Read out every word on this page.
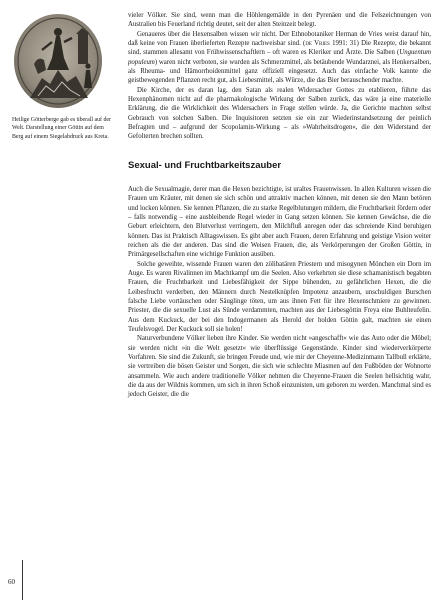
Heilige Götterberge gab es überall auf der Welt. Darstellung einer Göttin auf dem Berg auf einem Siegelabdruck aus Kreta.

60

vieler Völker. Sie sind, wenn man die Höhlengemälde in den Pyrenäen und die Felszeichnungen von Australien bis Feuerland richtig deutet, seit der alten Steinzeit belegt.

Genaueres über die Hexensalben wissen wir nicht. Der Ethnobotaniker Herman de Vries weist darauf hin, daß keine von Frauen überlieferten Rezepte nachweisbar sind. (de Vries 1991: 31) Die Rezepte, die bekannt sind, stammen allesamt von Frühwissenschaftlern – oft waren es Kleriker und Ärzte. Die Salben (Unguentum populeum) waren nicht verboten, sie wurden als Schmerzmittel, als betäubende Wundarznei, als Henkersalben, als Rheuma- und Hämorrhoidenmittel ganz offiziell eingesetzt. Auch das einfache Volk kannte die geistbewegenden Pflanzen recht gut, als Liebesmittel, als Würze, die das Bier berauschender machte.

Die Kirche, der es daran lag, den Satan als realen Widersacher Gottes zu etablieren, führte das Hexenphänomen nicht auf die pharmakologische Wirkung der Salben zurück, das wäre ja eine materielle Erklärung, die die Wirklichkeit des Widersachers in Frage stellen würde. Ja, die Gerichte machten selbst Gebrauch von solchen Salben. Die Inquisitoren setzten sie ein zur Wiederinstandsetzung der peinlich Befragten und – aufgrund der Scopolamin-Wirkung – als »Wahrheitsdrogen«, die den Widerstand der Gefolterten brechen sollten.

Sexual- und Fruchtbarkeitszauber

Auch die Sexualmagie, derer man die Hexen bezichtigte, ist uraltes Frauenwissen. In allen Kulturen wissen die Frauen um Kräuter, mit denen sie sich schön und attraktiv machen können, mit denen sie den Mann betören und locken können. Sie kennen Pflanzen, die zu starke Regelblutungen mildern, die Fruchtbarkeit fördern oder – falls notwendig – eine ausbleibende Regel wieder in Gang setzen können. Sie kennen Gewächse, die die Geburt erleichtern, den Blutverlust verringern, den Milchfluß anregen oder das schreiende Kind beruhigen können. Das ist Praktisch Alltagswissen. Es gibt aber auch Frauen, deren Erfahrung und geistige Vision weiter reichen als die der anderen. Das sind die Weisen Frauen, die, als Verkörperungen der Großen Göttin, in Primärgesellschaften eine wichtige Funktion ausüben.

Solche geweihte, wissende Frauen waren den zölibatären Priestern und misogynen Mönchen ein Dorn im Auge. Es waren Rivalinnen im Machtkampf um die Seelen. Also verkehrten sie diese schamanistisch begabten Frauen, die Fruchtbarkeit und Liebesfähigkeit der Sippe bühenden, zu gefährlichen Hexen, die die Leibesfrucht verderben, den Männern durch Nestelknüpfen Impotenz anzaubern, unschuldigen Burschen falsche Liebe vortäuschen oder Säuglinge töten, um aus ihnen Fett für ihre Hexenschmiere zu gewinnen. Priester, die die sexuelle Lust als Sünde verdammten, machten aus der Liebesgöttin Freya eine Buhlteufelin. Aus dem Kuckuck, der bei den Indogermanen als Herold der holden Göttin galt, machten sie einen Teufelsvogel. Der Kuckuck soll sie holen!

Naturverbundene Völker lieben ihre Kinder. Sie werden nicht »angeschafft« wie das Auto oder die Möbel; sie werden nicht »in die Welt gesetzt« wie überflüssige Gegenstände. Kinder sind wiederverkörperte Vorfahren. Sie sind die Zukunft, sie bringen Freude und, wie mir der Cheyenne-Medizinmann Tallbull erklärte, sie vertreiben die bösen Geister und Sorgen, die sich wie schlechte Miasmen auf den Fußböden der Wohnorte ansammeln. Wie auch andere traditionelle Völker nehmen die Cheyenne-Frauen die Seelen hellsichtig wahr, die da aus der Wildnis kommen, um sich in ihren Schoß einzunisten, um geboren zu werden. Manchmal sind es jedoch Geister, die die
